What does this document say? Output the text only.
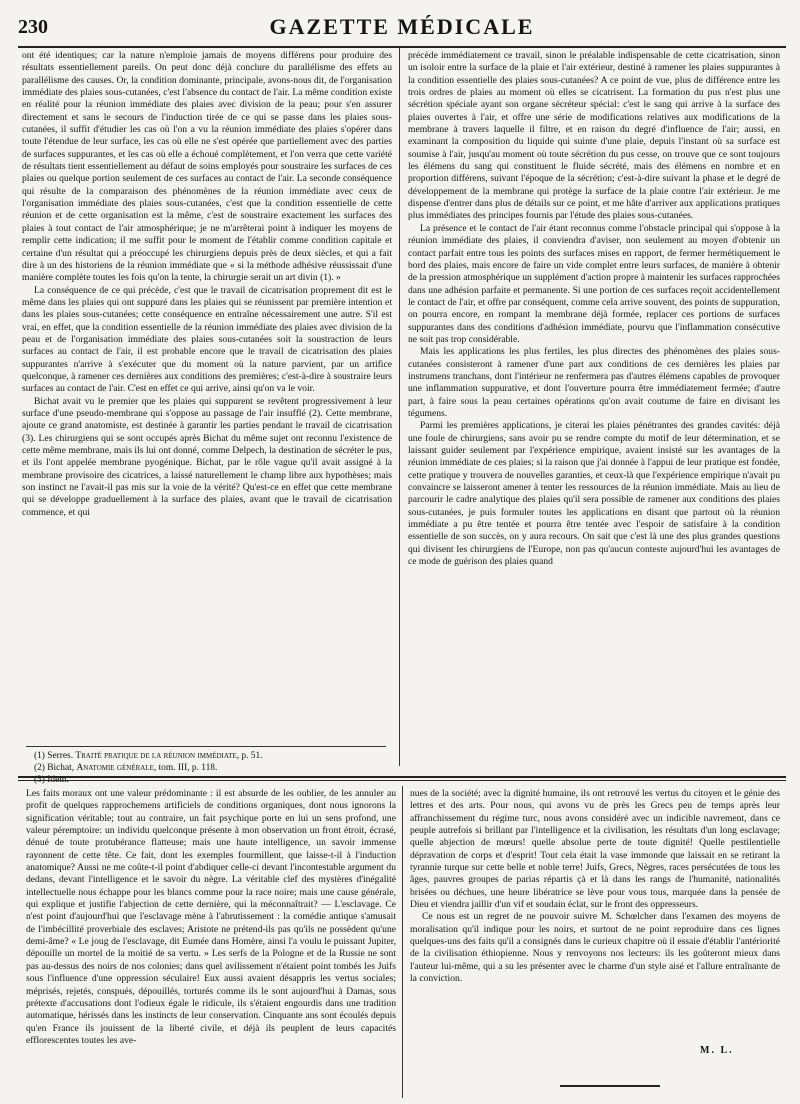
230	GAZETTE MÉDICALE

ont été identiques; car la nature n'emploie jamais de moyens différens pour produire des résultats essentiellement pareils. On peut donc déjà conclure du parallélisme des effets au parallélisme des causes. Or, la condition dominante, principale, avons-nous dit, de l'organisation immédiate des plaies sous-cutanées, c'est l'absence du contact de l'air. La même condition existe en réalité pour la réunion immédiate des plaies avec division de la peau; pour s'en assurer directement et sans le secours de l'induction tirée de ce qui se passe dans les plaies sous-cutanées, il suffit d'étudier les cas où l'on a vu la réunion immédiate des plaies s'opérer dans toute l'étendue de leur surface, les cas où elle ne s'est opérée que partiellement avec des parties de surfaces suppurantes, et les cas où elle a échoué complètement, et l'on verra que cette variété de résultats tient essentiellement au défaut de soins employés pour soustraire les surfaces de ces plaies ou quelque portion seulement de ces surfaces au contact de l'air. La seconde conséquence qui résulte de la comparaison des phénomènes de la réunion immédiate avec ceux de l'organisation immédiate des plaies sous-cutanées, c'est que la condition essentielle de cette réunion et de cette organisation est la même, c'est de soustraire exactement les surfaces des plaies à tout contact de l'air atmosphérique; je ne m'arrêterai point à indiquer les moyens de remplir cette indication; il me suffit pour le moment de l'établir comme condition capitale et certaine d'un résultat qui a préoccupé les chirurgiens depuis près de deux siècles, et qui a fait dire à un des historiens de la réunion immédiate que « si la méthode adhésive réussissait d'une manière complète toutes les fois qu'on la tente, la chirurgie serait un art divin (1). »

La conséquence de ce qui précède, c'est que le travail de cicatrisation proprement dit est le même dans les plaies qui ont suppuré dans les plaies qui se réunissent par première intention et dans les plaies sous-cutanées; cette conséquence en entraîne nécessairement une autre. S'il est vrai, en effet, que la condition essentielle de la réunion immédiate des plaies avec division de la peau et de l'organisation immédiate des plaies sous-cutanées soit la soustraction de leurs surfaces au contact de l'air, il est probable encore que le travail de cicatrisation des plaies suppurantes n'arrive à s'exécuter que du moment où la nature parvient, par un artifice quelconque, à ramener ces dernières aux conditions des premières; c'est-à-dire à soustraire leurs surfaces au contact de l'air. C'est en effet ce qui arrive, ainsi qu'on va le voir.

Bichat avait vu le premier que les plaies qui suppurent se revêtent progressivement à leur surface d'une pseudo-membrane qui s'oppose au passage de l'air insufflé (2). Cette membrane, ajoute ce grand anatomiste, est destinée à garantir les parties pendant le travail de cicatrisation (3). Les chirurgiens qui se sont occupés après Bichat du même sujet ont reconnu l'existence de cette même membrane, mais ils lui ont donné, comme Delpech, la destination de sécréter le pus, et ils l'ont appelée membrane pyogénique. Bichat, par le rôle vague qu'il avait assigné à la membrane provisoire des cicatrices, a laissé naturellement le champ libre aux hypothèses; mais son instinct ne l'avait-il pas mis sur la voie de la vérité? Qu'est-ce en effet que cette membrane qui se développe graduellement à la surface des plaies, avant que le travail de cicatrisation commence, et qui

précède immédiatement ce travail, sinon le préalable indispensable de cette cicatrisation, sinon un isoloir entre la surface de la plaie et l'air extérieur, destiné à ramener les plaies suppurantes à la condition essentielle des plaies sous-cutanées? A ce point de vue, plus de différence entre les trois ordres de plaies au moment où elles se cicatrisent. La formation du pus n'est plus une sécrétion spéciale ayant son organe sécréteur spécial: c'est le sang qui arrive à la surface des plaies ouvertes à l'air, et offre une série de modifications relatives aux modifications de la membrane à travers laquelle il filtre, et en raison du degré d'influence de l'air; aussi, en examinant la composition du liquide qui suinte d'une plaie, depuis l'instant où sa surface est soumise à l'air, jusqu'au moment où toute sécrétion du pus cesse, on trouve que ce sont toujours les élémens du sang qui constituent le fluide sécrété, mais des élémens en nombre et en proportion différens, suivant l'époque de la sécrétion; c'est-à-dire suivant la phase et le degré de développement de la membrane qui protège la surface de la plaie contre l'air extérieur. Je me dispense d'entrer dans plus de détails sur ce point, et me hâte d'arriver aux applications pratiques plus immédiates des principes fournis par l'étude des plaies sous-cutanées.

La présence et le contact de l'air étant reconnus comme l'obstacle principal qui s'oppose à la réunion immédiate des plaies, il conviendra d'aviser, non seulement au moyen d'obtenir un contact parfait entre tous les points des surfaces mises en rapport, de fermer hermétiquement le bord des plaies, mais encore de faire un vide complet entre leurs surfaces, de manière à obtenir de la pression atmosphérique un supplément d'action propre à maintenir les surfaces rapprochées dans une adhésion parfaite et permanente. Si une portion de ces surfaces reçoit accidentellement le contact de l'air, et offre par conséquent, comme cela arrive souvent, des points de suppuration, on pourra encore, en rompant la membrane déjà formée, replacer ces portions de surfaces suppurantes dans des conditions d'adhésion immédiate, pourvu que l'inflammation consécutive ne soit pas trop considérable.

Mais les applications les plus fertiles, les plus directes des phénomènes des plaies sous-cutanées consisteront à ramener d'une part aux conditions de ces dernières les plaies par instrumens tranchans, dont l'intérieur ne renfermera pas d'autres élémens capables de provoquer une inflammation suppurative, et dont l'ouverture pourra être immédiatement fermée; d'autre part, à faire sous la peau certaines opérations qu'on avait coutume de faire en divisant les tégumens.

Parmi les premières applications, je citerai les plaies pénétrantes des grandes cavités: déjà une foule de chirurgiens, sans avoir pu se rendre compte du motif de leur détermination, et se laissant guider seulement par l'expérience empirique, avaient insisté sur les avantages de la réunion immédiate de ces plaies; si la raison que j'ai donnée à l'appui de leur pratique est fondée, cette pratique y trouvera de nouvelles garanties, et ceux-là que l'expérience empirique n'avait pu convaincre se laisseront amener à tenter les ressources de la réunion immédiate. Mais au lieu de parcourir le cadre analytique des plaies qu'il sera possible de ramener aux conditions des plaies sous-cutanées, je puis formuler toutes les applications en disant que partout où la réunion immédiate a pu être tentée et pourra être tentée avec l'espoir de satisfaire à la condition essentielle de son succès, on y aura recours. On sait que c'est là une des plus grandes questions qui divisent les chirurgiens de l'Europe, non pas qu'aucun conteste aujourd'hui les avantages de ce mode de guérison des plaies quand

(1) Serres. Traité pratique de la réunion immédiate, p. 51.
(2) Bichat, Anatomie générale, tom. III, p. 118.
(3) Idem.

Les faits moraux ont une valeur prédominante : il est absurde de les oublier, de les annuler au profit de quelques rapprochemens artificiels de conditions organiques, dont nous ignorons la signification véritable; tout au contraire, un fait psychique porte en lui un sens profond, une valeur péremptoire: un individu quelconque présente à mon observation un front étroit, écrasé, dénué de toute protubérance flatteuse; mais une haute intelligence, un savoir immense rayonnent de cette tête. Ce fait, dont les exemples fourmillent, que laisse-t-il à l'induction anatomique? Aussi ne me coûte-t-il point d'abdiquer celle-ci devant l'incontestable argument du dedans, devant l'intelligence et le savoir du nègre. La véritable clef des mystères d'inégalité intellectuelle nous échappe pour les blancs comme pour la race noire; mais une cause générale, qui explique et justifie l'abjection de cette dernière, qui la méconnaîtrait? — L'esclavage. Ce n'est point d'aujourd'hui que l'esclavage mène à l'abrutissement : la comédie antique s'amusait de l'imbécillité proverbiale des esclaves; Aristote ne prétend-ils pas qu'ils ne possèdent qu'une demi-âme? « Le joug de l'esclavage, dit Eumée dans Homère, ainsi l'a voulu le puissant Jupiter, dépouille un mortel de la moitié de sa vertu. » Les serfs de la Pologne et de la Russie ne sont pas au-dessus des noirs de nos colonies; dans quel avilissement n'étaient point tombés les Juifs sous l'influence d'une oppression séculaire! Eux aussi avaient désappris les vertus sociales; méprisés, rejetés, conspués, dépouillés, torturés comme ils le sont aujourd'hui à Damas, sous prétexte d'accusations dont l'odieux égale le ridicule, ils s'étaient engourdis dans une tradition automatique, hérissés dans les instincts de leur conservation. Cinquante ans sont écoulés depuis qu'en France ils jouissent de la liberté civile, et déjà ils peuplent de leurs capacités efflorescentes toutes les ave-

nues de la société; avec la dignité humaine, ils ont retrouvé les vertus du citoyen et le génie des lettres et des arts. Pour nous, qui avons vu de près les Grecs peu de temps après leur affranchissement du régime turc, nous avons considéré avec un indicible navrement, dans ce peuple autrefois si brillant par l'intelligence et la civilisation, les résultats d'un long esclavage; quelle abjection de mœurs! quelle absolue perte de toute dignité! Quelle pestilentielle dépravation de corps et d'esprit! Tout cela était la vase immonde que laissait en se retirant la tyrannie turque sur cette belle et noble terre! Juifs, Grecs, Nègres, races persécutées de tous les âges, pauvres groupes de parias répartis çà et là dans les rangs de l'humanité, nationalités brisées ou déchues, une heure libératrice se lève pour vous tous, marquée dans la pensée de Dieu et viendra jaillir d'un vif et soudain éclat, sur le front des oppresseurs.

Ce nous est un regret de ne pouvoir suivre M. Schœlcher dans l'examen des moyens de moralisation qu'il indique pour les noirs, et surtout de ne point reproduire dans ces lignes quelques-uns des faits qu'il a consignés dans le curieux chapitre où il essaie d'établir l'antériorité de la civilisation éthiopienne. Nous y renvoyons nos lecteurs: ils les goûteront mieux dans l'auteur lui-même, qui a su les présenter avec le charme d'un style aisé et l'allure entraînante de la conviction.

M. L.
